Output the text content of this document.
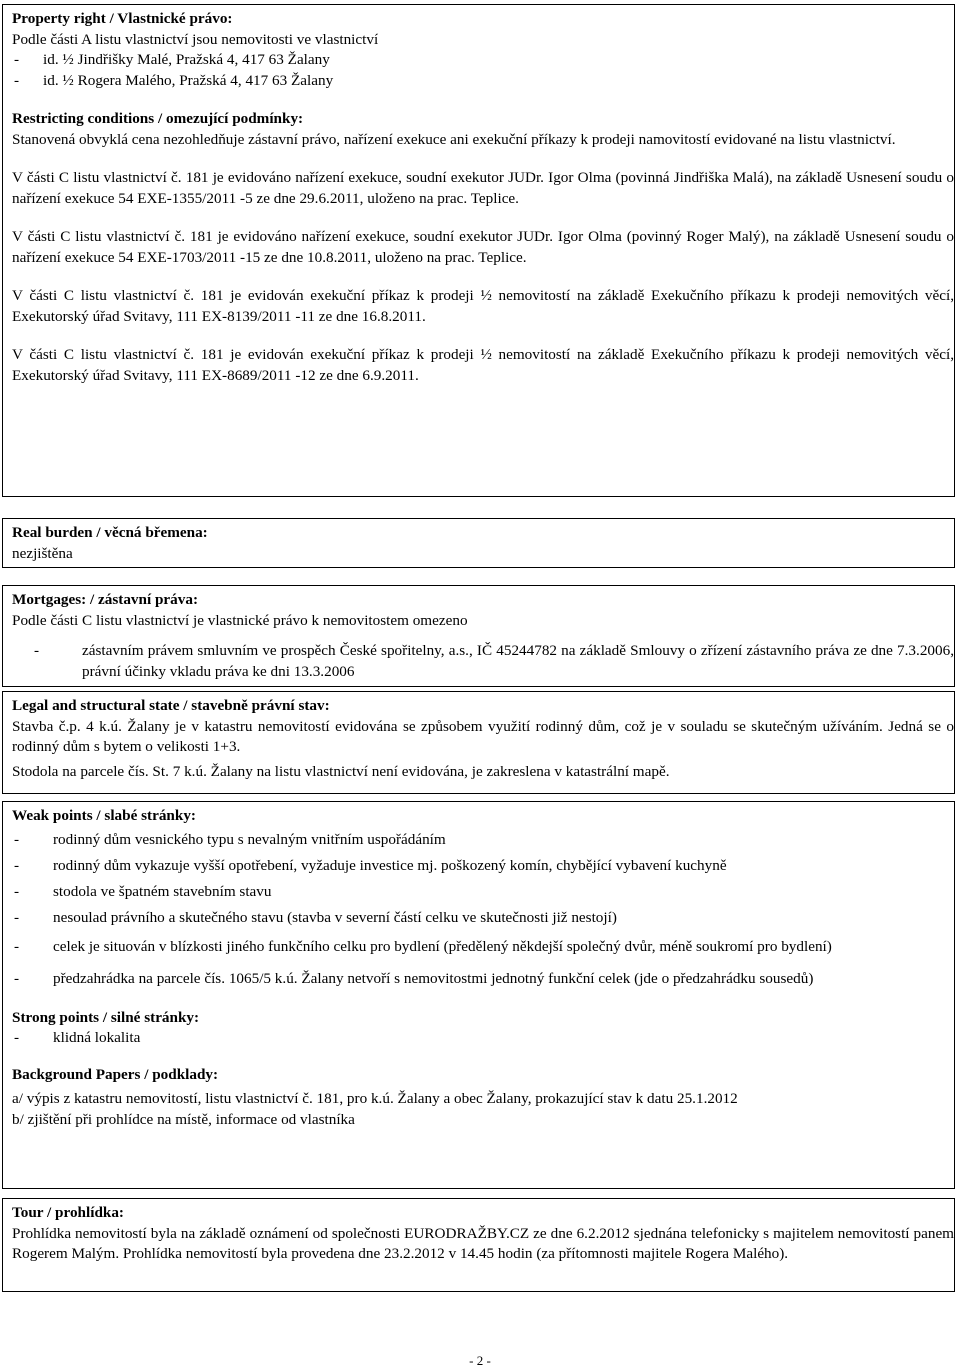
Property right / Vlastnické právo:
Podle části A listu vlastnictví jsou nemovitosti ve vlastnictví
-	id. ½ Jindřišky Malé, Pražská 4, 417 63 Žalany
-	id. ½ Rogera Malého, Pražská 4, 417 63 Žalany
Restricting conditions / omezující podmínky:
Stanovená obvyklá cena nezohledňuje zástavní právo, nařízení exekuce ani exekuční příkazy k prodeji namovitostí evidované na listu vlastnictví.
V části C listu vlastnictví č. 181 je evidováno nařízení exekuce, soudní exekutor JUDr. Igor Olma (povinná Jindřiška Malá), na základě Usnesení soudu o nařízení exekuce 54 EXE-1355/2011 -5 ze dne 29.6.2011, uloženo na prac. Teplice.
V části C listu vlastnictví č. 181 je evidováno nařízení exekuce, soudní exekutor JUDr. Igor Olma (povinný Roger Malý), na základě Usnesení soudu o nařízení exekuce 54 EXE-1703/2011 -15 ze dne 10.8.2011, uloženo na prac. Teplice.
V části C listu vlastnictví č. 181 je evidován exekuční příkaz k prodeji ½ nemovitostí na základě Exekučního příkazu k prodeji nemovitých věcí, Exekutorský úřad Svitavy, 111 EX-8139/2011 -11 ze dne 16.8.2011.
V části C listu vlastnictví č. 181 je evidován exekuční příkaz k prodeji ½ nemovitostí na základě Exekučního příkazu k prodeji nemovitých věcí, Exekutorský úřad Svitavy, 111 EX-8689/2011 -12 ze dne 6.9.2011.
Real burden / věcná břemena:
nezjištěna
Mortgages: / zástavní práva:
Podle části C listu vlastnictví je vlastnické právo k nemovitostem omezeno
-	zástavním právem smluvním ve prospěch České spořitelny, a.s., IČ 45244782 na základě Smlouvy o zřízení zástavního práva ze dne 7.3.2006, právní účinky vkladu práva ke dni 13.3.2006
Legal and structural state / stavebně právní stav:
Stavba č.p. 4 k.ú. Žalany je v katastru nemovitostí evidována se způsobem využití rodinný dům, což je v souladu se skutečným užíváním. Jedná se o rodinný dům s bytem o velikosti 1+3.
Stodola na parcele čís. St. 7 k.ú. Žalany na listu vlastnictví není evidována, je zakreslena v katastrální mapě.
Weak points / slabé stránky:
-	rodinný dům vesnického typu s nevalným vnitřním uspořádáním
-	rodinný dům vykazuje vyšší opotřebení, vyžaduje investice mj. poškozený komín, chybějící vybavení kuchyně
-	stodola ve špatném stavebním stavu
-	nesoulad právního a skutečného stavu (stavba v severní částí celku ve skutečnosti již nestojí)
-	celek je situován v blízkosti jiného funkčního celku pro bydlení (předělený někdejší společný dvůr, méně soukromí pro bydlení)
-	předzahrádka na parcele čís. 1065/5 k.ú. Žalany netvoří s nemovitostmi jednotný funkční celek (jde o předzahrádku sousedů)
Strong points / silné stránky:
-	klidná lokalita
Background Papers / podklady:
a/ výpis z katastru nemovitostí, listu vlastnictví č. 181, pro k.ú. Žalany a obec Žalany, prokazující stav k datu 25.1.2012
b/ zjištění při prohlídce na místě, informace od vlastníka
Tour / prohlídka:
Prohlídka nemovitostí byla na základě oznámení od společnosti EURODRAŽBY.CZ ze dne 6.2.2012 sjednána telefonicky s majitelem nemovitostí panem Rogerem Malým. Prohlídka nemovitostí byla provedena dne 23.2.2012 v 14.45 hodin (za přítomnosti majitele Rogera Malého).
- 2 -
